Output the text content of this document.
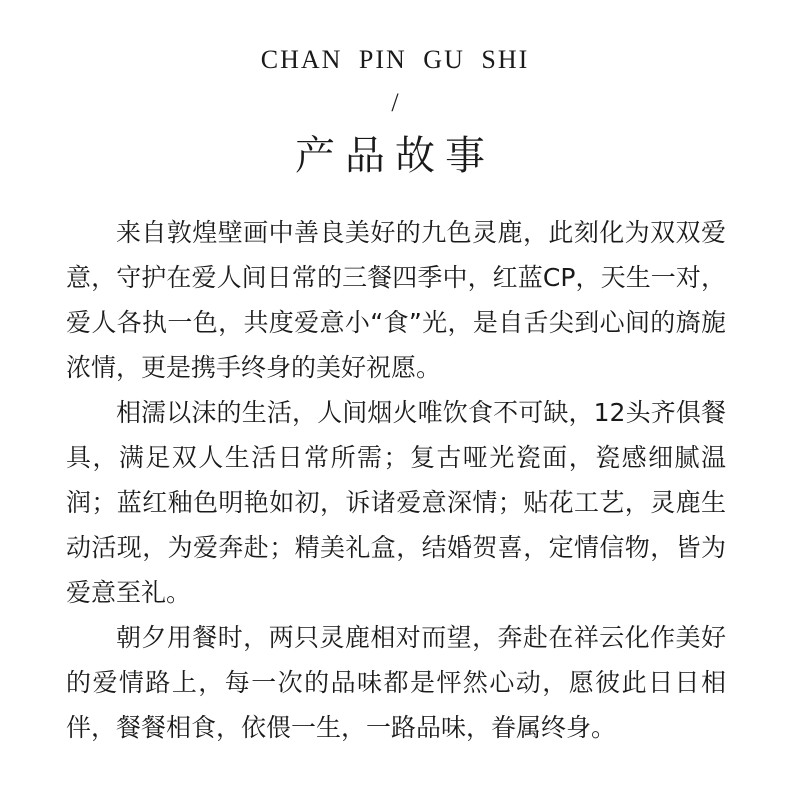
CHAN PIN GU SHI
/
产品故事

来自敦煌壁画中善良美好的九色灵鹿，此刻化为双双爱意，守护在爱人间日常的三餐四季中，红蓝CP，天生一对，爱人各执一色，共度爱意小“食”光，是自舌尖到心间的旖旎浓情，更是携手终身的美好祝愿。

相濡以沫的生活，人间烟火唯饮食不可缺，12头齐俱餐具，满足双人生活日常所需；复古哑光瓷面，瓷感细腻温润；蓝红釉色明艳如初，诉诸爱意深情；贴花工艺，灵鹿生动活现，为爱奔赴；精美礼盒，结婚贺喜，定情信物，皆为爱意至礼。

朝夕用餐时，两只灵鹿相对而望，奔赴在祥云化作美好的爱情路上，每一次的品味都是怦然心动，愿彼此日日相伴，餐餐相食，依偎一生，一路品味，眷属终身。
